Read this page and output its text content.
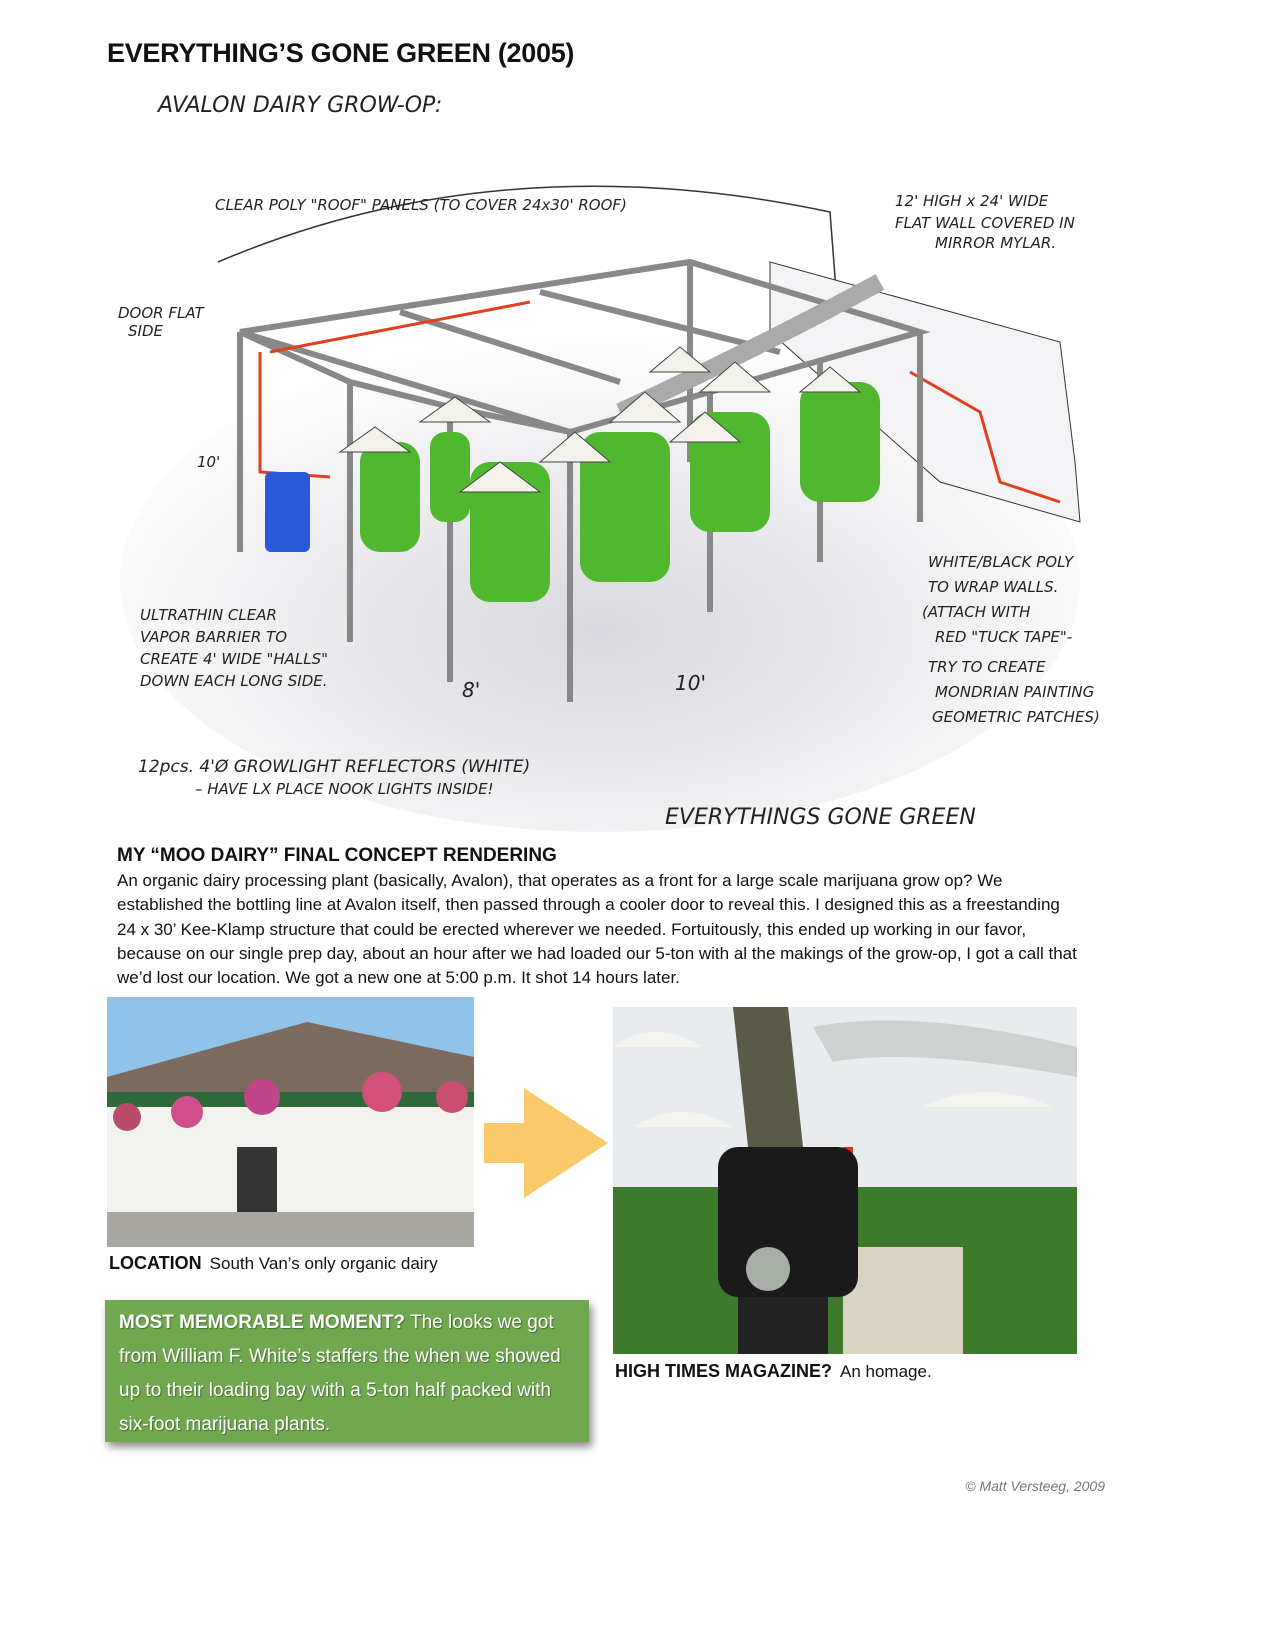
EVERYTHING’S GONE GREEN (2005)
AVALON DAIRY GROW-OP:
CLEAR POLY "ROOF" PANELS (TO COVER 24x30' ROOF)	12' HIGH x 24' WIDE
FLAT WALL COVERED IN
MIRROR MYLAR.
DOOR FLAT
SIDE
10'
ULTRATHIN CLEAR
VAPOR BARRIER TO
CREATE 4' WIDE "HALLS"
DOWN EACH LONG SIDE.	8'	10'
WHITE/BLACK POLY
TO WRAP WALLS.
(ATTACH WITH
RED "TUCK TAPE"-
TRY TO CREATE
MONDRIAN PAINTING
GEOMETRIC PATCHES)
12pcs. 4'Ø GROWLIGHT REFLECTORS (WHITE)
– HAVE LX PLACE NOOK LIGHTS INSIDE!
EVERYTHINGS GONE GREEN
MY “MOO DAIRY” FINAL CONCEPT RENDERING
An organic dairy processing plant (basically, Avalon), that operates as a front for a large scale marijuana grow op? We established the bottling line at Avalon itself, then passed through a cooler door to reveal this. I designed this as a freestanding 24 x 30’ Kee-Klamp structure that could be erected wherever we needed. Fortuitously, this ended up working in our favor, because on our single prep day, about an hour after we had loaded our 5-ton with al the makings of the grow-op, I got a call that we’d lost our location. We got a new one at 5:00 p.m. It shot 14 hours later.
LOCATION South Van’s only organic dairy
MOST MEMORABLE MOMENT? The looks we got from William F. White’s staffers the when we showed up to their loading bay with a 5-ton half packed with six-foot marijuana plants.
HIGH TIMES MAGAZINE? An homage.
© Matt Versteeg, 2009
